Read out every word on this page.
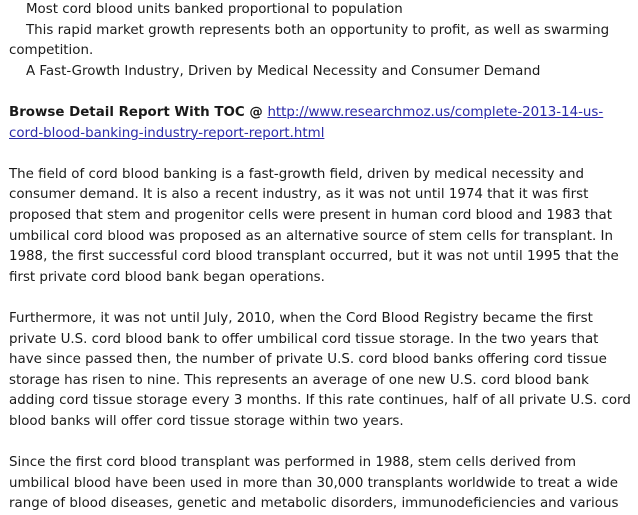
Most cord blood units banked proportional to population
This rapid market growth represents both an opportunity to profit, as well as swarming
competition.
A Fast-Growth Industry, Driven by Medical Necessity and Consumer Demand
Browse Detail Report With TOC @ http://www.researchmoz.us/complete-2013-14-us-
cord-blood-banking-industry-report-report.html
The field of cord blood banking is a fast-growth field, driven by medical necessity and
consumer demand. It is also a recent industry, as it was not until 1974 that it was first
proposed that stem and progenitor cells were present in human cord blood and 1983 that
umbilical cord blood was proposed as an alternative source of stem cells for transplant. In
1988, the first successful cord blood transplant occurred, but it was not until 1995 that the
first private cord blood bank began operations.
Furthermore, it was not until July, 2010, when the Cord Blood Registry became the first
private U.S. cord blood bank to offer umbilical cord tissue storage. In the two years that
have since passed then, the number of private U.S. cord blood banks offering cord tissue
storage has risen to nine. This represents an average of one new U.S. cord blood bank
adding cord tissue storage every 3 months. If this rate continues, half of all private U.S. cord
blood banks will offer cord tissue storage within two years.
Since the first cord blood transplant was performed in 1988, stem cells derived from
umbilical blood have been used in more than 30,000 transplants worldwide to treat a wide
range of blood diseases, genetic and metabolic disorders, immunodeficiencies and various
